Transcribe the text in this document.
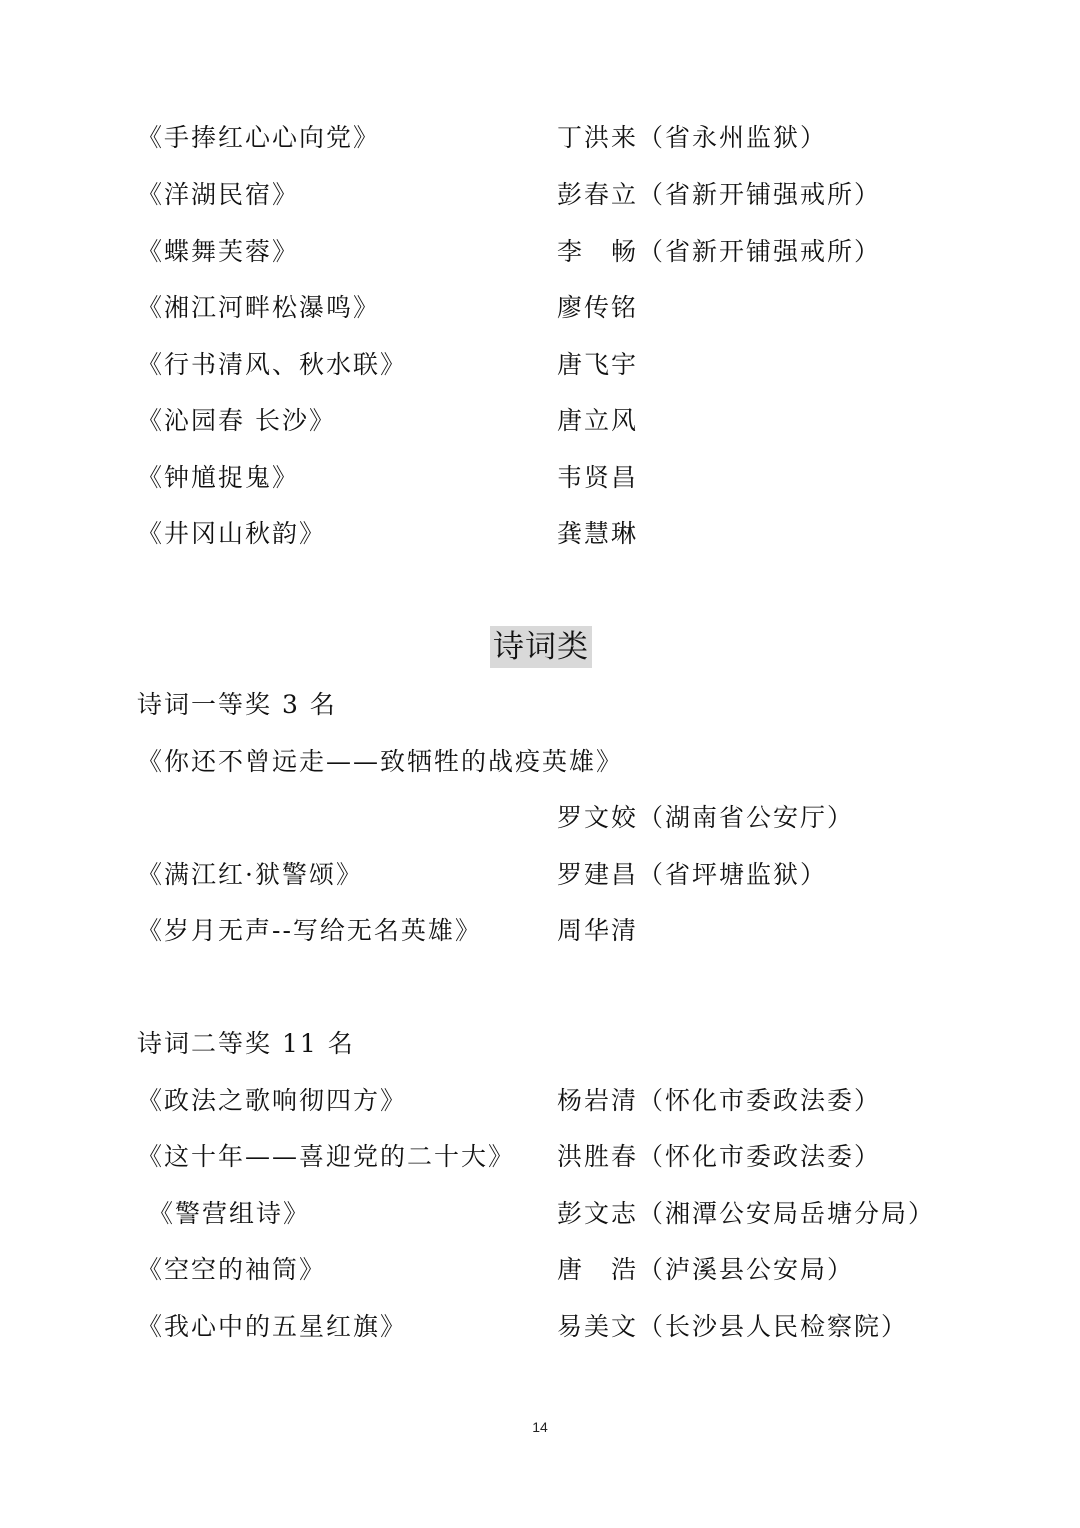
《手捧红心心向党》	丁洪来（省永州监狱）
《洋湖民宿》	彭春立（省新开铺强戒所）
《蝶舞芙蓉》	李　畅（省新开铺强戒所）
《湘江河畔松瀑鸣》	廖传铭
《行书清风、秋水联》	唐飞宇
《沁园春 长沙》	唐立风
《钟馗捉鬼》	韦贤昌
《井冈山秋韵》	龚慧琳
诗词类
诗词一等奖 3 名
《你还不曾远走——致牺牲的战疫英雄》
罗文姣（湖南省公安厅）
《满江红·狱警颂》	罗建昌（省坪塘监狱）
《岁月无声--写给无名英雄》	周华清
诗词二等奖 11 名
《政法之歌响彻四方》	杨岩清（怀化市委政法委）
《这十年——喜迎党的二十大》 洪胜春（怀化市委政法委）
《警营组诗》	彭文志（湘潭公安局岳塘分局）
《空空的袖筒》	唐　浩（泸溪县公安局）
《我心中的五星红旗》	易美文（长沙县人民检察院）
14
